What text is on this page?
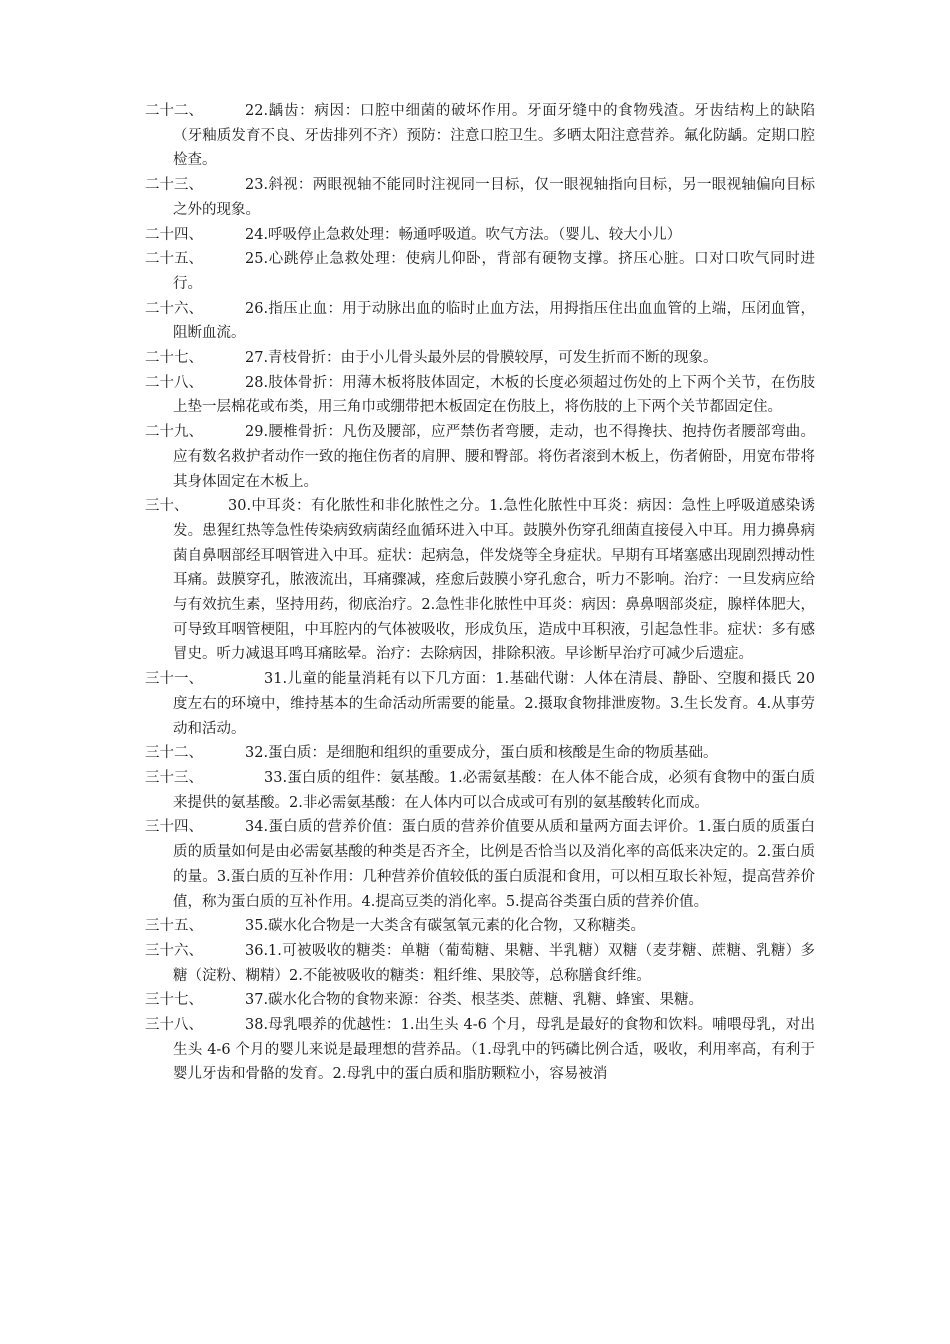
二十二、	22.龋齿：病因：口腔中细菌的破坏作用。牙面牙缝中的食物残渣。牙齿结构上的缺陷（牙釉质发育不良、牙齿排列不齐）预防：注意口腔卫生。多晒太阳注意营养。氟化防龋。定期口腔检查。

二十三、	23.斜视：两眼视轴不能同时注视同一目标，仅一眼视轴指向目标，另一眼视轴偏向目标之外的现象。

二十四、	24.呼吸停止急救处理：畅通呼吸道。吹气方法。（婴儿、较大小儿）

二十五、	25.心跳停止急救处理：使病儿仰卧，背部有硬物支撑。挤压心脏。口对口吹气同时进行。

二十六、	26.指压止血：用于动脉出血的临时止血方法，用拇指压住出血血管的上端，压闭血管，阻断血流。

二十七、	27.青枝骨折：由于小儿骨头最外层的骨膜较厚，可发生折而不断的现象。

二十八、	28.肢体骨折：用薄木板将肢体固定，木板的长度必须超过伤处的上下两个关节，在伤肢上垫一层棉花或布类，用三角巾或绷带把木板固定在伤肢上，将伤肢的上下两个关节都固定住。

二十九、	29.腰椎骨折：凡伤及腰部，应严禁伤者弯腰，走动，也不得搀扶、抱持伤者腰部弯曲。应有数名救护者动作一致的拖住伤者的肩胛、腰和臀部。将伤者滚到木板上，伤者俯卧，用宽布带将其身体固定在木板上。

三十、	30.中耳炎：有化脓性和非化脓性之分。1.急性化脓性中耳炎：病因：急性上呼吸道感染诱发。患猩红热等急性传染病致病菌经血循环进入中耳。鼓膜外伤穿孔细菌直接侵入中耳。用力擤鼻病菌自鼻咽部经耳咽管进入中耳。症状：起病急，伴发烧等全身症状。早期有耳堵塞感出现剧烈搏动性耳痛。鼓膜穿孔，脓液流出，耳痛骤减，痊愈后鼓膜小穿孔愈合，听力不影响。治疗：一旦发病应给与有效抗生素，坚持用药，彻底治疗。2.急性非化脓性中耳炎：病因：鼻鼻咽部炎症，腺样体肥大，可导致耳咽管梗阻，中耳腔内的气体被吸收，形成负压，造成中耳积液，引起急性非。症状：多有感冒史。听力减退耳鸣耳痛眩晕。治疗：去除病因，排除积液。早诊断早治疗可减少后遗症。

三十一、	31.儿童的能量消耗有以下几方面：1.基础代谢：人体在清晨、静卧、空腹和摄氏 20 度左右的环境中，维持基本的生命活动所需要的能量。2.摄取食物排泄废物。3.生长发育。4.从事劳动和活动。

三十二、	32.蛋白质：是细胞和组织的重要成分，蛋白质和核酸是生命的物质基础。

三十三、	33.蛋白质的组件：氨基酸。1.必需氨基酸：在人体不能合成，必须有食物中的蛋白质来提供的氨基酸。2.非必需氨基酸：在人体内可以合成或可有别的氨基酸转化而成。

三十四、	34.蛋白质的营养价值：蛋白质的营养价值要从质和量两方面去评价。1.蛋白质的质蛋白质的质量如何是由必需氨基酸的种类是否齐全，比例是否恰当以及消化率的高低来决定的。2.蛋白质的量。3.蛋白质的互补作用：几种营养价值较低的蛋白质混和食用，可以相互取长补短，提高营养价值，称为蛋白质的互补作用。4.提高豆类的消化率。5.提高谷类蛋白质的营养价值。

三十五、	35.碳水化合物是一大类含有碳氢氧元素的化合物，又称糖类。

三十六、	36.1.可被吸收的糖类：单糖（葡萄糖、果糖、半乳糖）双糖（麦芽糖、蔗糖、乳糖）多糖（淀粉、糊精）2.不能被吸收的糖类：粗纤维、果胶等，总称膳食纤维。

三十七、	37.碳水化合物的食物来源：谷类、根茎类、蔗糖、乳糖、蜂蜜、果糖。

三十八、	38.母乳喂养的优越性：1.出生头 4-6 个月，母乳是最好的食物和饮料。哺喂母乳，对出生头 4-6 个月的婴儿来说是最理想的营养品。（1.母乳中的钙磷比例合适，吸收，利用率高，有利于婴儿牙齿和骨骼的发育。2.母乳中的蛋白质和脂肪颗粒小，容易被消
